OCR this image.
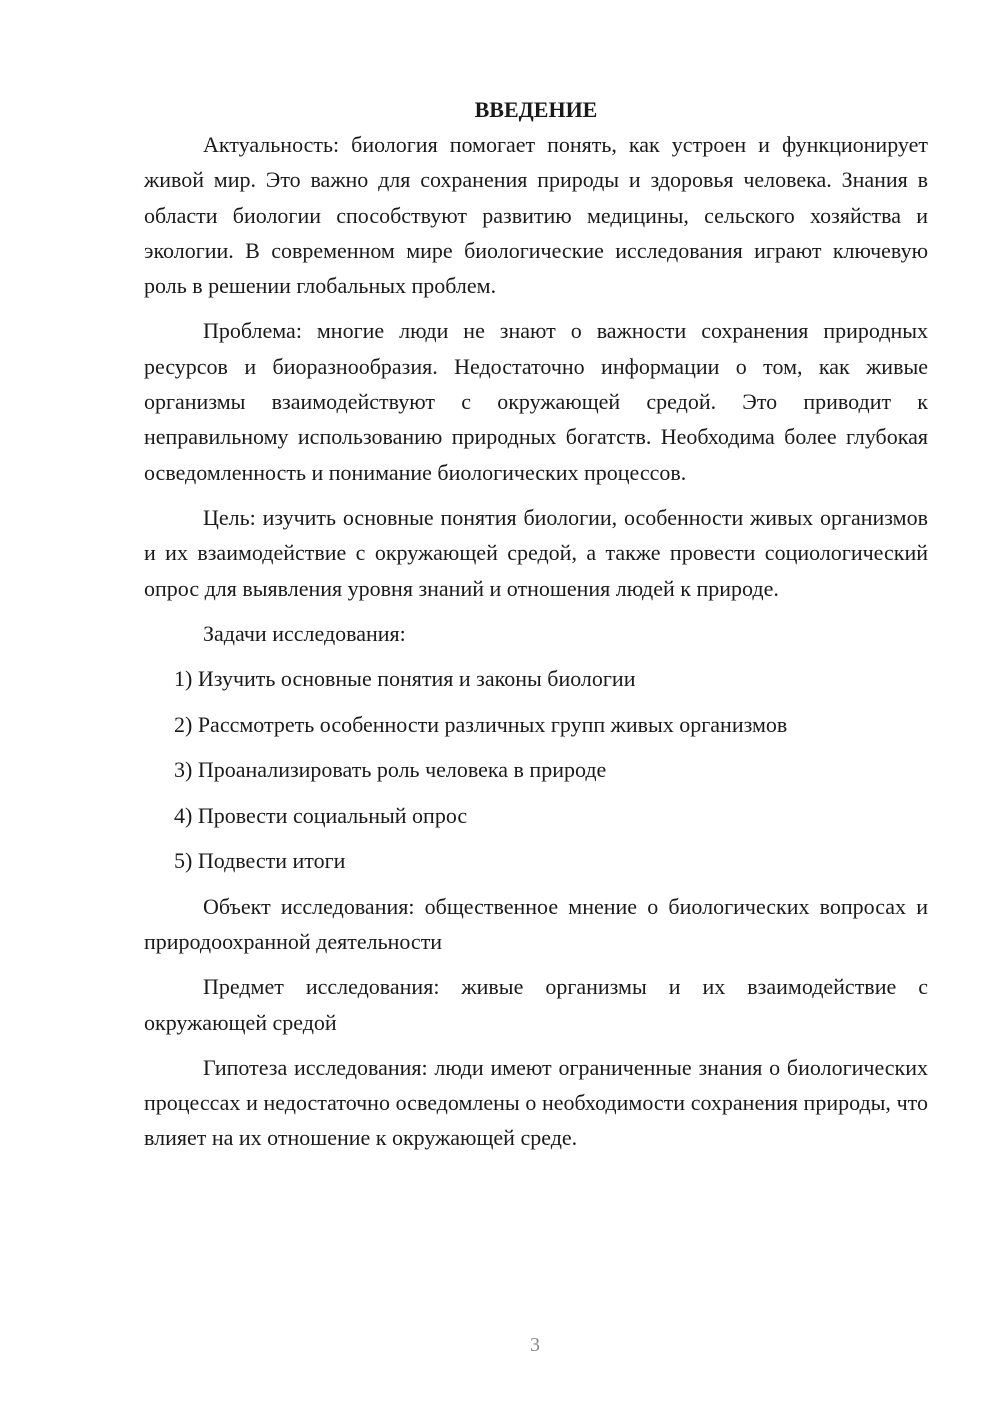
ВВЕДЕНИЕ

Актуальность: биология помогает понять, как устроен и функционирует живой мир. Это важно для сохранения природы и здоровья человека. Знания в области биологии способствуют развитию медицины, сельского хозяйства и экологии. В современном мире биологические исследования играют ключевую роль в решении глобальных проблем.

Проблема: многие люди не знают о важности сохранения природных ресурсов и биоразнообразия. Недостаточно информации о том, как живые организмы взаимодействуют с окружающей средой. Это приводит к неправильному использованию природных богатств. Необходима более глубокая осведомленность и понимание биологических процессов.

Цель: изучить основные понятия биологии, особенности живых организмов и их взаимодействие с окружающей средой, а также провести социологический опрос для выявления уровня знаний и отношения людей к природе.

Задачи исследования:

1) Изучить основные понятия и законы биологии
2) Рассмотреть особенности различных групп живых организмов
3) Проанализировать роль человека в природе
4) Провести социальный опрос
5) Подвести итоги

Объект исследования: общественное мнение о биологических вопросах и природоохранной деятельности

Предмет исследования: живые организмы и их взаимодействие с окружающей средой

Гипотеза исследования: люди имеют ограниченные знания о биологических процессах и недостаточно осведомлены о необходимости сохранения природы, что влияет на их отношение к окружающей среде.

3
